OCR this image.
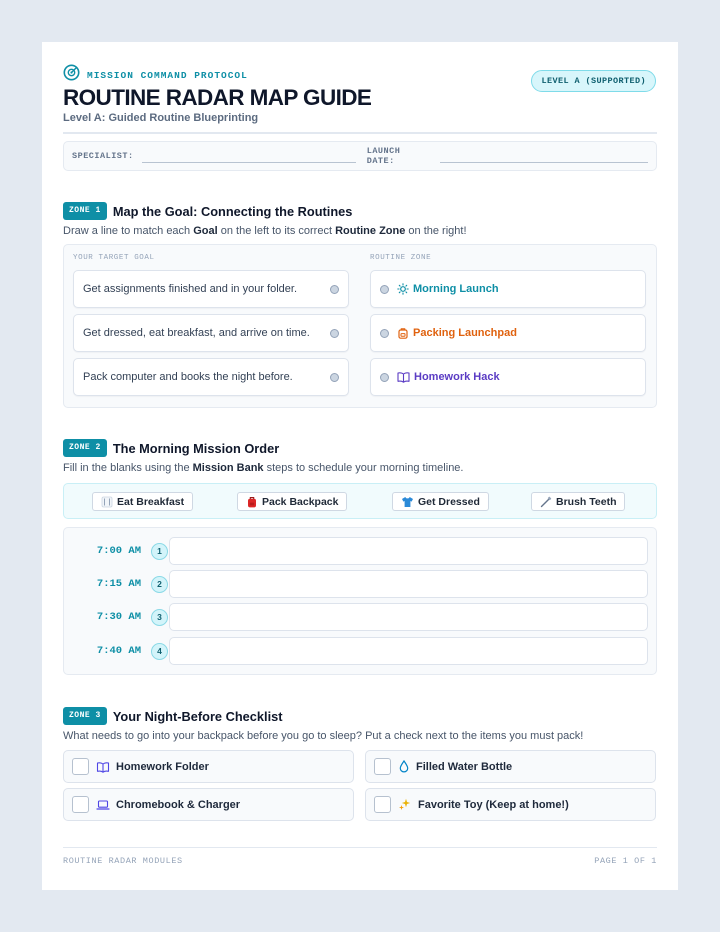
MISSION COMMAND PROTOCOL	LEVEL A (SUPPORTED)
ROUTINE RADAR MAP GUIDE
Level A: Guided Routine Blueprinting
SPECIALIST:	LAUNCH DATE:
ZONE 1 Map the Goal: Connecting the Routines
Draw a line to match each Goal on the left to its correct Routine Zone on the right!
YOUR TARGET GOAL	ROUTINE ZONE
Get assignments finished and in your folder.
Get dressed, eat breakfast, and arrive on time.
Pack computer and books the night before.
Morning Launch
Packing Launchpad
Homework Hack
ZONE 2 The Morning Mission Order
Fill in the blanks using the Mission Bank steps to schedule your morning timeline.
Eat Breakfast	Pack Backpack	Get Dressed	Brush Teeth
7:00 AM	1
7:15 AM	2
7:30 AM	3
7:40 AM	4
ZONE 3 Your Night-Before Checklist
What needs to go into your backpack before you go to sleep? Put a check next to the items you must pack!
Homework Folder	Filled Water Bottle
Chromebook & Charger	Favorite Toy (Keep at home!)
ROUTINE RADAR MODULES	PAGE 1 OF 1
